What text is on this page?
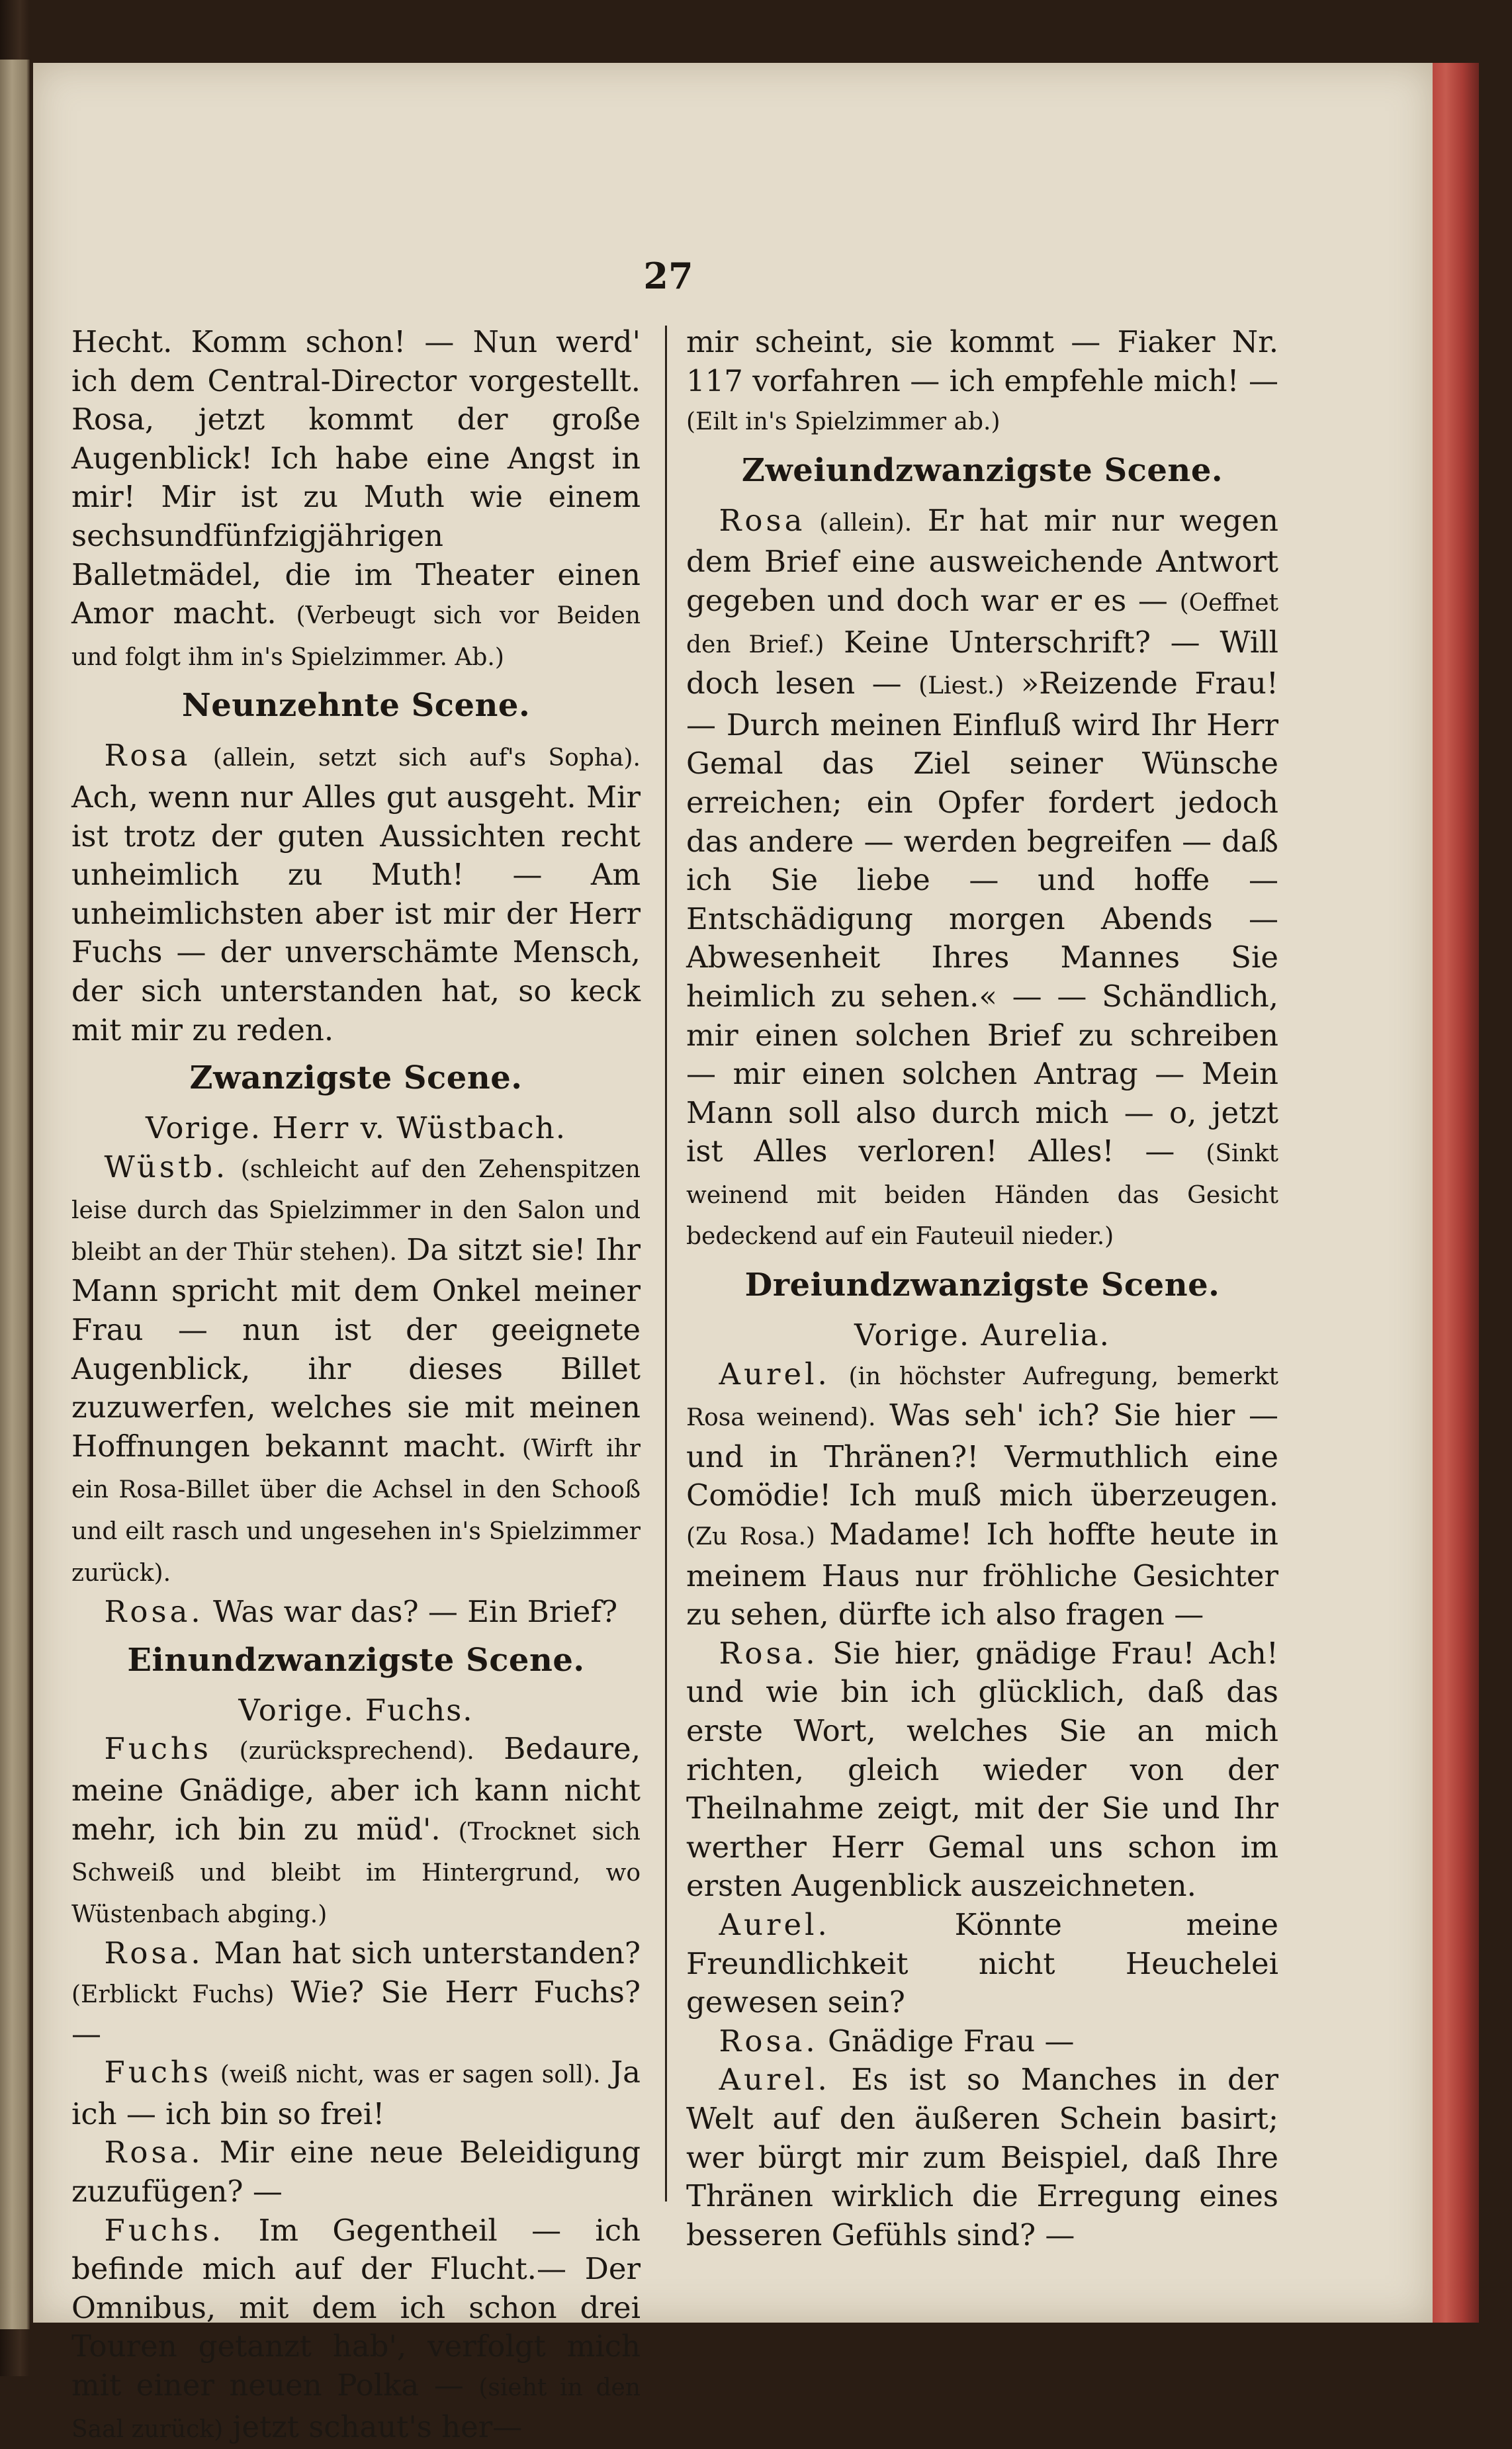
27

Hecht. Komm schon! — Nun werd' ich dem Central-Director vorgestellt. Rosa, jetzt kommt der große Augenblick! Ich habe eine Angst in mir! Mir ist zu Muth wie einem sechsundfünfzigjährigen Balletmädel, die im Theater einen Amor macht. (Verbeugt sich vor Beiden und folgt ihm in's Spielzimmer. Ab.)

Neunzehnte Scene.

Rosa (allein, setzt sich auf's Sopha). Ach, wenn nur Alles gut ausgeht. Mir ist trotz der guten Aussichten recht unheimlich zu Muth! — Am unheimlichsten aber ist mir der Herr Fuchs — der unverschämte Mensch, der sich unterstanden hat, so keck mit mir zu reden.

Zwanzigste Scene.

Vorige. Herr v. Wüstbach.

Wüstb. (schleicht auf den Zehenspitzen leise durch das Spielzimmer in den Salon und bleibt an der Thür stehen). Da sitzt sie! Ihr Mann spricht mit dem Onkel meiner Frau — nun ist der geeignete Augenblick, ihr dieses Billet zuzuwerfen, welches sie mit meinen Hoffnungen bekannt macht. (Wirft ihr ein Rosa-Billet über die Achsel in den Schooß und eilt rasch und ungesehen in's Spielzimmer zurück).

Rosa. Was war das? — Ein Brief?

Einundzwanzigste Scene.

Vorige. Fuchs.

Fuchs (zurücksprechend). Bedaure, meine Gnädige, aber ich kann nicht mehr, ich bin zu müd'. (Trocknet sich Schweiß und bleibt im Hintergrund, wo Wüstenbach abging.)

Rosa. Man hat sich unterstanden? (Erblickt Fuchs) Wie? Sie Herr Fuchs? —

Fuchs (weiß nicht, was er sagen soll). Ja ich — ich bin so frei!

Rosa. Mir eine neue Beleidigung zuzufügen? —

Fuchs. Im Gegentheil — ich befinde mich auf der Flucht.— Der Omnibus, mit dem ich schon drei Touren getanzt hab', verfolgt mich mit einer neuen Polka — (sieht in den Saal zurück) jetzt schaut's her—

mir scheint, sie kommt — Fiaker Nr. 117 vorfahren — ich empfehle mich! — (Eilt in's Spielzimmer ab.)

Zweiundzwanzigste Scene.

Rosa (allein). Er hat mir nur wegen dem Brief eine ausweichende Antwort gegeben und doch war er es — (Oeffnet den Brief.) Keine Unterschrift? — Will doch lesen — (Liest.) »Reizende Frau! — Durch meinen Einfluß wird Ihr Herr Gemal das Ziel seiner Wünsche erreichen; ein Opfer fordert jedoch das andere — werden begreifen — daß ich Sie liebe — und hoffe — Entschädigung morgen Abends — Abwesenheit Ihres Mannes Sie heimlich zu sehen.« — — Schändlich, mir einen solchen Brief zu schreiben — mir einen solchen Antrag — Mein Mann soll also durch mich — o, jetzt ist Alles verloren! Alles! — (Sinkt weinend mit beiden Händen das Gesicht bedeckend auf ein Fauteuil nieder.)

Dreiundzwanzigste Scene.

Vorige. Aurelia.

Aurel. (in höchster Aufregung, bemerkt Rosa weinend). Was seh' ich? Sie hier — und in Thränen?! Vermuthlich eine Comödie! Ich muß mich überzeugen. (Zu Rosa.) Madame! Ich hoffte heute in meinem Haus nur fröhliche Gesichter zu sehen, dürfte ich also fragen —

Rosa. Sie hier, gnädige Frau! Ach! und wie bin ich glücklich, daß das erste Wort, welches Sie an mich richten, gleich wieder von der Theilnahme zeigt, mit der Sie und Ihr werther Herr Gemal uns schon im ersten Augenblick auszeichneten.

Aurel. Könnte meine Freundlichkeit nicht Heuchelei gewesen sein?

Rosa. Gnädige Frau —

Aurel. Es ist so Manches in der Welt auf den äußeren Schein basirt; wer bürgt mir zum Beispiel, daß Ihre Thränen wirklich die Erregung eines besseren Gefühls sind? —
